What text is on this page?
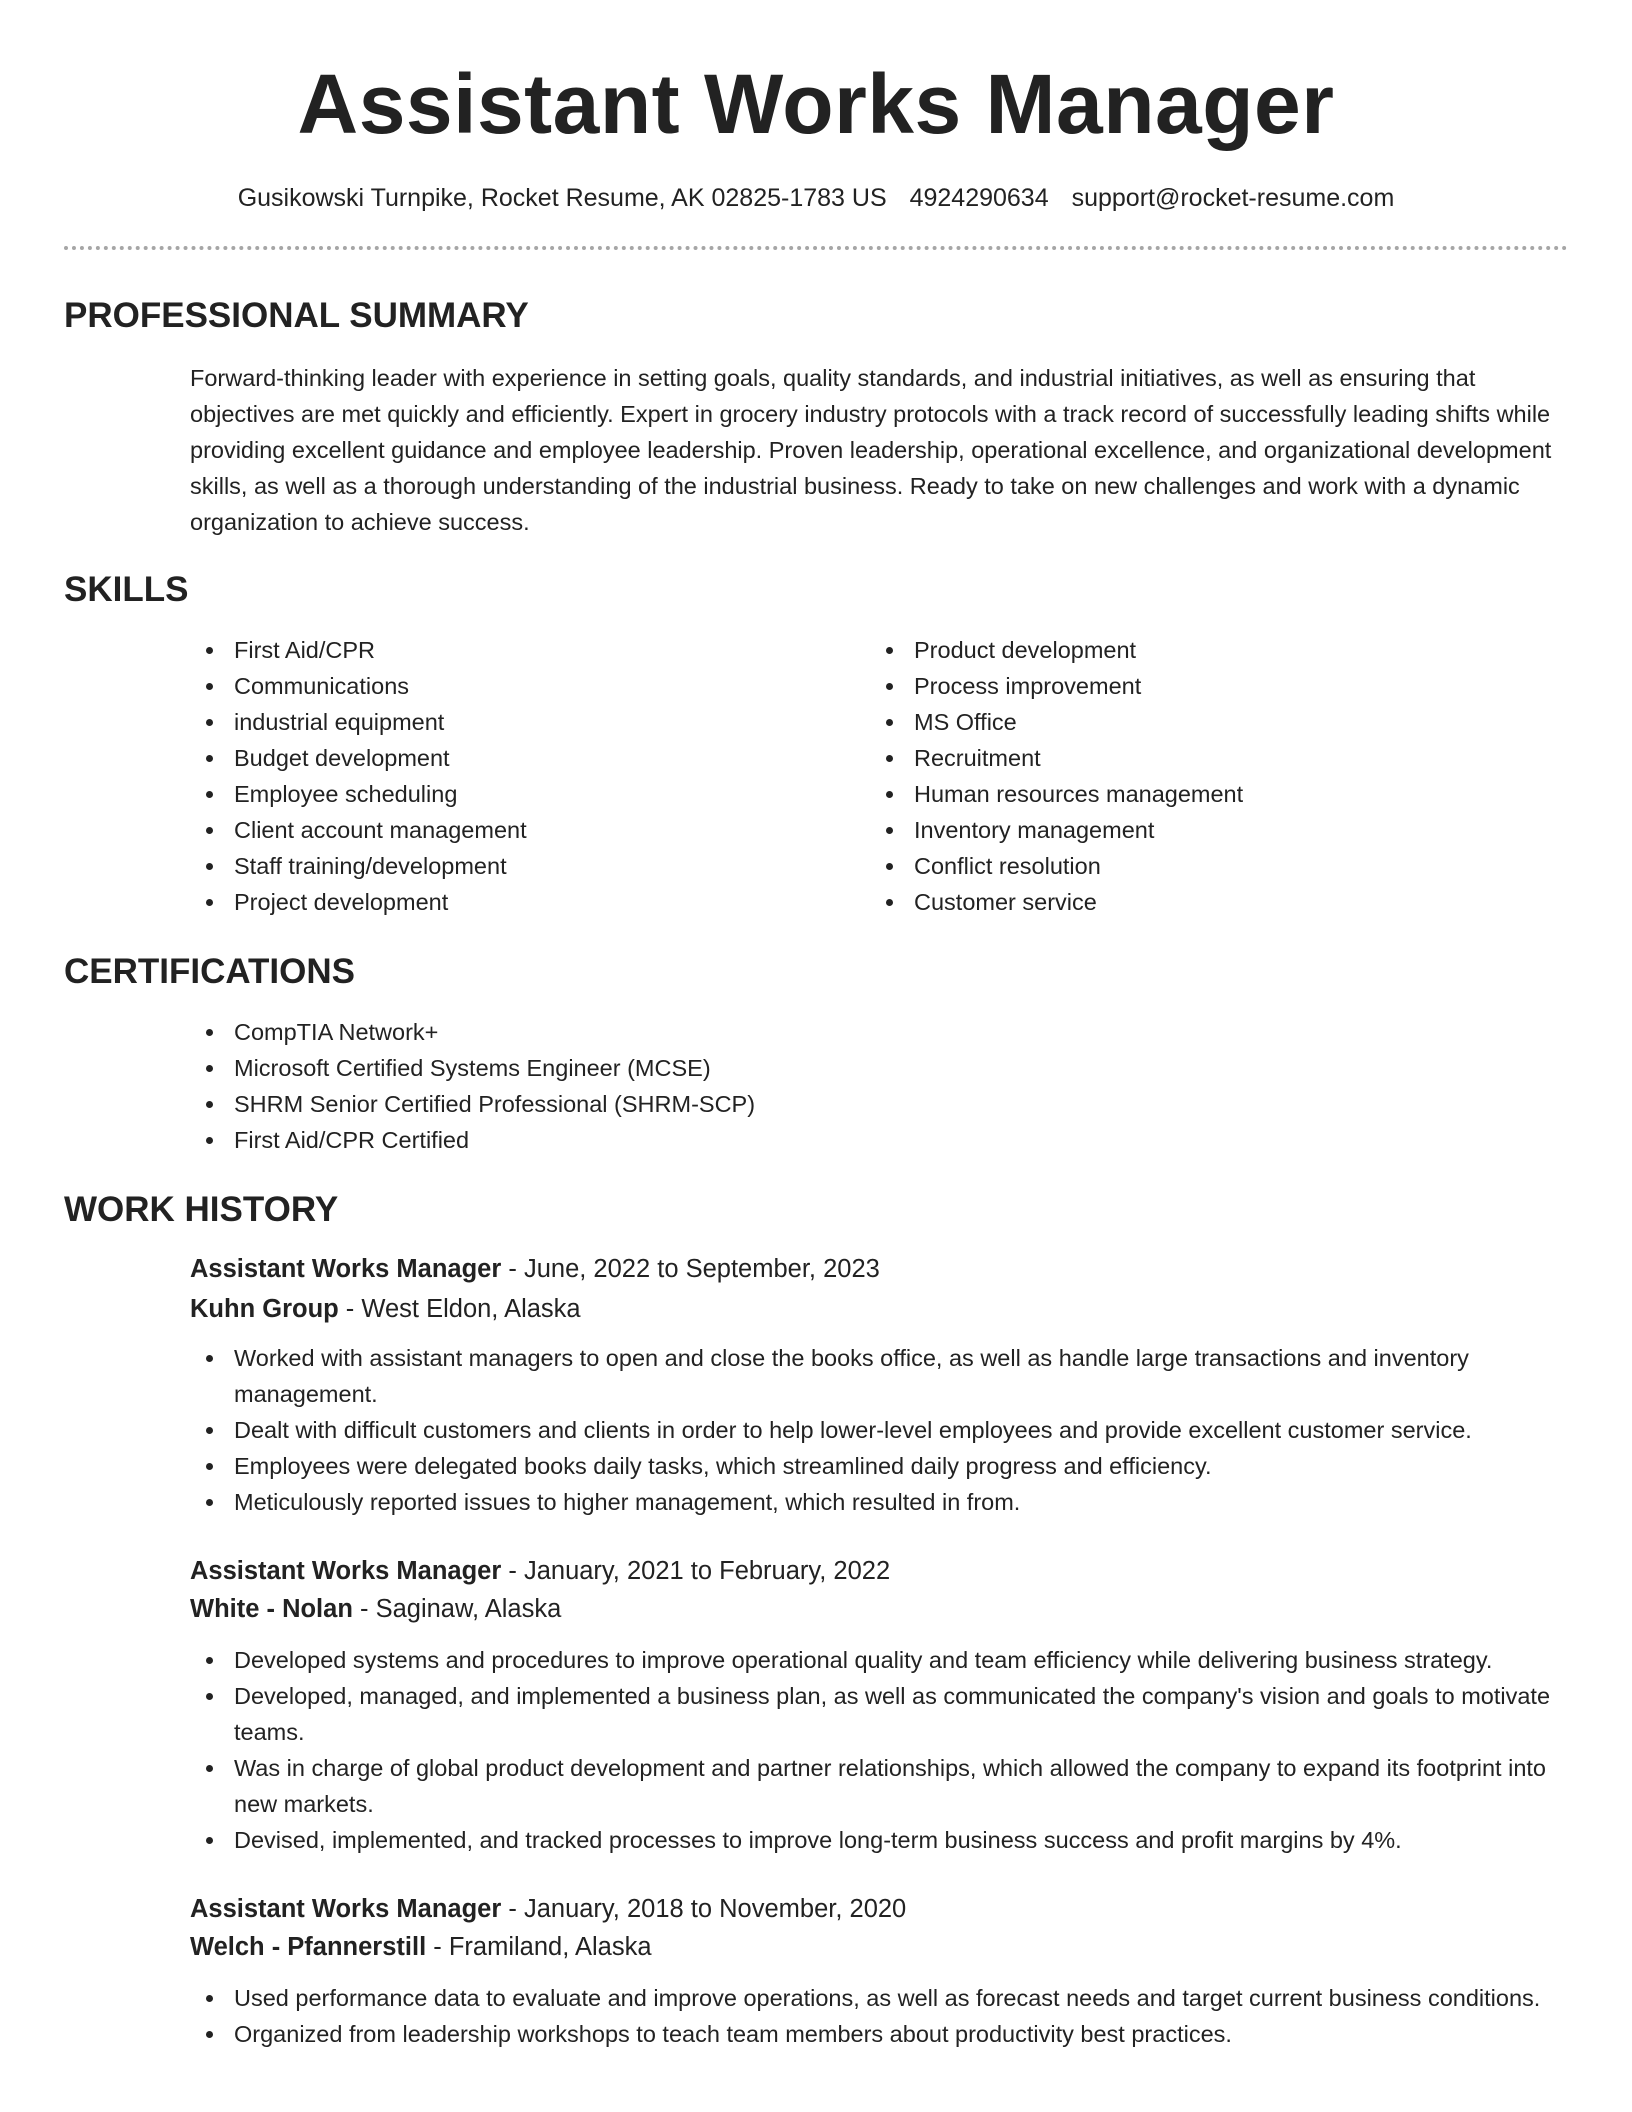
Assistant Works Manager
Gusikowski Turnpike, Rocket Resume, AK 02825-1783 US 4924290634 support@rocket-resume.com
PROFESSIONAL SUMMARY

Forward-thinking leader with experience in setting goals, quality standards, and industrial initiatives, as well as ensuring that objectives are met quickly and efficiently. Expert in grocery industry protocols with a track record of successfully leading shifts while providing excellent guidance and employee leadership. Proven leadership, operational excellence, and organizational development skills, as well as a thorough understanding of the industrial business. Ready to take on new challenges and work with a dynamic organization to achieve success.

SKILLS
First Aid/CPR
Communications
industrial equipment
Budget development
Employee scheduling
Client account management
Staff training/development
Project development
Product development
Process improvement
MS Office
Recruitment
Human resources management
Inventory management
Conflict resolution
Customer service
CERTIFICATIONS
CompTIA Network+
Microsoft Certified Systems Engineer (MCSE)
SHRM Senior Certified Professional (SHRM-SCP)
First Aid/CPR Certified
WORK HISTORY
Assistant Works Manager - June, 2022 to September, 2023
Kuhn Group - West Eldon, Alaska
Worked with assistant managers to open and close the books office, as well as handle large transactions and inventory management.
Dealt with difficult customers and clients in order to help lower-level employees and provide excellent customer service.
Employees were delegated books daily tasks, which streamlined daily progress and efficiency.
Meticulously reported issues to higher management, which resulted in from.
Assistant Works Manager - January, 2021 to February, 2022
White - Nolan - Saginaw, Alaska
Developed systems and procedures to improve operational quality and team efficiency while delivering business strategy.
Developed, managed, and implemented a business plan, as well as communicated the company's vision and goals to motivate teams.
Was in charge of global product development and partner relationships, which allowed the company to expand its footprint into new markets.
Devised, implemented, and tracked processes to improve long-term business success and profit margins by 4%.
Assistant Works Manager - January, 2018 to November, 2020
Welch - Pfannerstill - Framiland, Alaska
Used performance data to evaluate and improve operations, as well as forecast needs and target current business conditions.
Organized from leadership workshops to teach team members about productivity best practices.
